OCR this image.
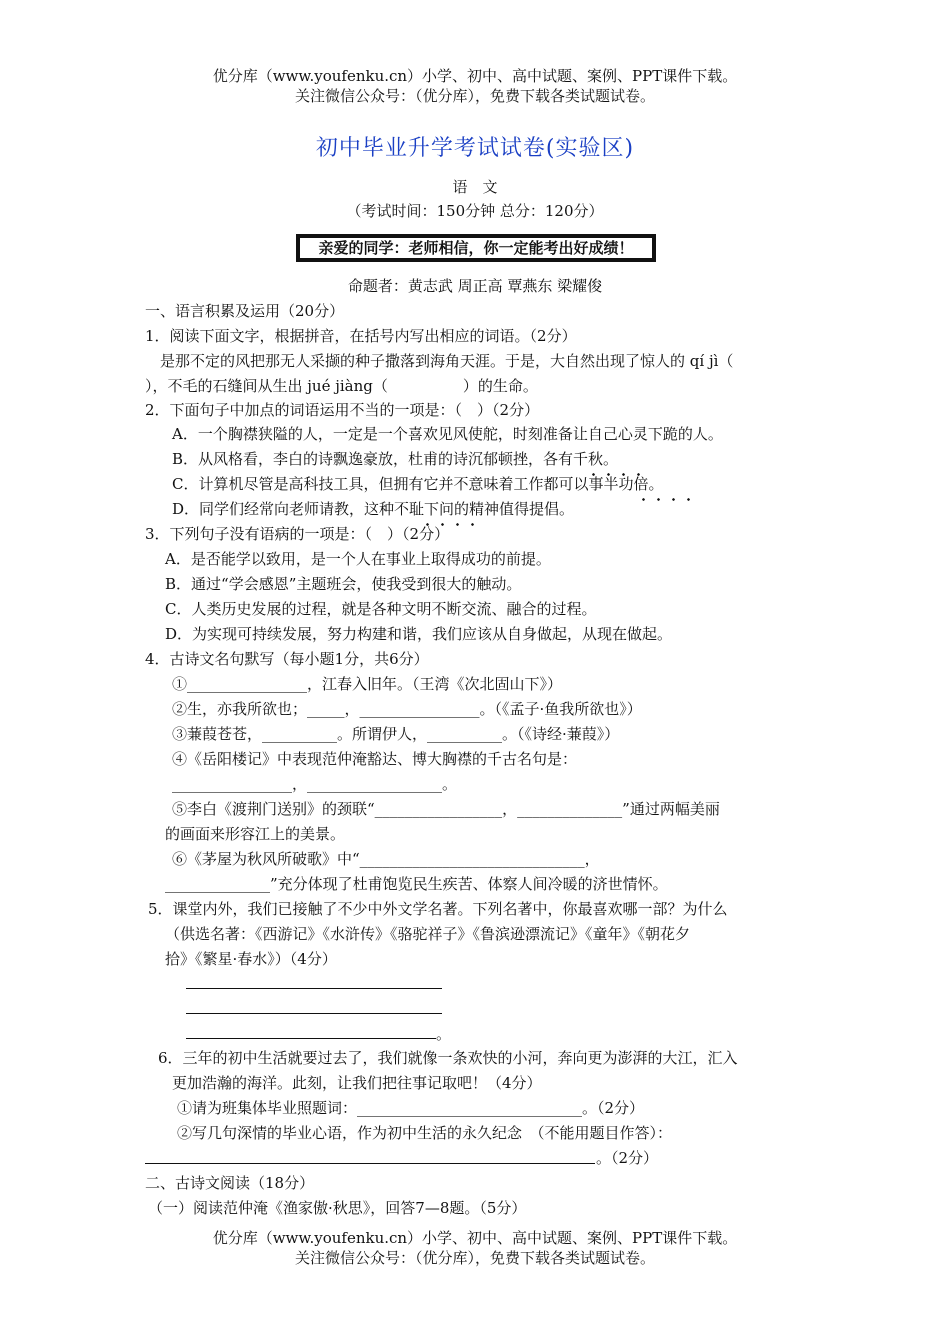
优分库（www.youfenku.cn）小学、初中、高中试题、案例、PPT课件下载。
关注微信公众号：（优分库），免费下载各类试题试卷。
初中毕业升学考试试卷(实验区)
语　文
（考试时间：150分钟 总分：120分）
亲爱的同学：老师相信，你一定能考出好成绩！
命题者：黄志武 周正高 覃燕东 梁耀俊
一、语言积累及运用（20分）
1．阅读下面文字，根据拼音，在括号内写出相应的词语。（2分）
是那不定的风把那无人采撷的种子撒落到海角天涯。于是，大自然出现了惊人的 qí jì（
），不毛的石缝间从生出 jué jiàng（　　　　　）的生命。
2．下面句子中加点的词语运用不当的一项是：（　）（2分）
A．一个胸襟狭隘的人，一定是一个喜欢见风使舵，时刻准备让自己心灵下跪的人。
B．从风格看，李白的诗飘逸豪放，杜甫的诗沉郁顿挫，各有千秋。
C．计算机尽管是高科技工具，但拥有它并不意味着工作都可以事半功倍。
D．同学们经常向老师请教，这种不耻下问的精神值得提倡。
3．下列句子没有语病的一项是：（　）（2分）
A．是否能学以致用，是一个人在事业上取得成功的前提。
B．通过“学会感恩”主题班会，使我受到很大的触动。
C．人类历史发展的过程，就是各种文明不断交流、融合的过程。
D．为实现可持续发展，努力构建和谐，我们应该从自身做起，从现在做起。
4．古诗文名句默写（每小题1分，共6分）
①________________，江春入旧年。（王湾《次北固山下》）
②生，亦我所欲也；_____，________________。（《孟子·鱼我所欲也》）
③蒹葭苍苍，__________。所谓伊人，__________。（《诗经·蒹葭》）
④《岳阳楼记》中表现范仲淹豁达、博大胸襟的千古名句是：
________________，__________________。
⑤李白《渡荆门送别》的颈联“_________________，______________”通过两幅美丽
的画面来形容江上的美景。
⑥《茅屋为秋风所破歌》中“______________________________，
______________”充分体现了杜甫饱览民生疾苦、体察人间冷暖的济世情怀。
5．课堂内外，我们已接触了不少中外文学名著。下列名著中，你最喜欢哪一部？为什么
（供选名著：《西游记》《水浒传》《骆驼祥子》《鲁滨逊漂流记》《童年》《朝花夕
拾》《繁星·春水》）（4分）
。
6．三年的初中生活就要过去了，我们就像一条欢快的小河，奔向更为澎湃的大江，汇入
更加浩瀚的海洋。此刻，让我们把往事记取吧！（4分）
①请为班集体毕业照题词：______________________________。（2分）
②写几句深情的毕业心语，作为初中生活的永久纪念　（不能用题目作答）：
。（2分）
二、古诗文阅读（18分）
（一）阅读范仲淹《渔家傲·秋思》，回答7—8题。（5分）
优分库（www.youfenku.cn）小学、初中、高中试题、案例、PPT课件下载。
关注微信公众号：（优分库），免费下载各类试题试卷。
